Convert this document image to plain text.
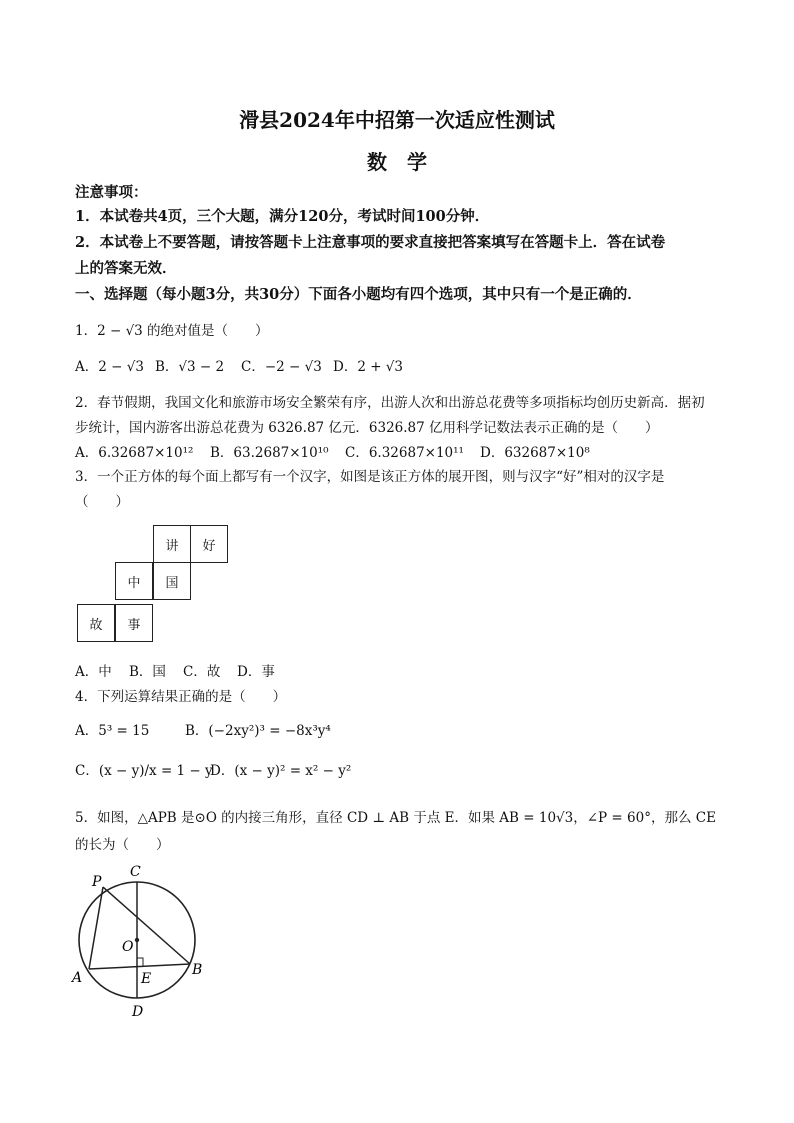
滑县2024年中招第一次适应性测试
数　学
注意事项：
1．本试卷共4页，三个大题，满分120分，考试时间100分钟．
2．本试卷上不要答题，请按答题卡上注意事项的要求直接把答案填写在答题卡上．答在试卷
上的答案无效．
一、选择题（每小题3分，共30分）下面各小题均有四个选项，其中只有一个是正确的．
1．2 − √3 的绝对值是（　　）
A．2 − √3 B．√3 − 2 C．−2 − √3 D．2 + √3
2．春节假期，我国文化和旅游市场安全繁荣有序，出游人次和出游总花费等多项指标均创历史新高．据初
步统计，国内游客出游总花费为 6326.87 亿元．6326.87 亿用科学记数法表示正确的是（　　）
A．6.32687×10¹² B．63.2687×10¹⁰ C．6.32687×10¹¹ D．632687×10⁸
3．一个正方体的每个面上都写有一个汉字，如图是该正方体的展开图，则与汉字“好”相对的汉字是
（　　）
讲	好
中	国
故	事
A．中 B．国 C．故 D．事
4．下列运算结果正确的是（　　）
A．5³ = 15	B．(−2xy²)³ = −8x³y⁴
C．(x − y)/x = 1 − yD．(x − y)² = x² − y²
5．如图，△APB 是⊙O 的内接三角形，直径 CD ⊥ AB 于点 E．如果 AB = 10√3，∠P = 60°，那么 CE
的长为（　　）
P
C
O
A	E
B
D
